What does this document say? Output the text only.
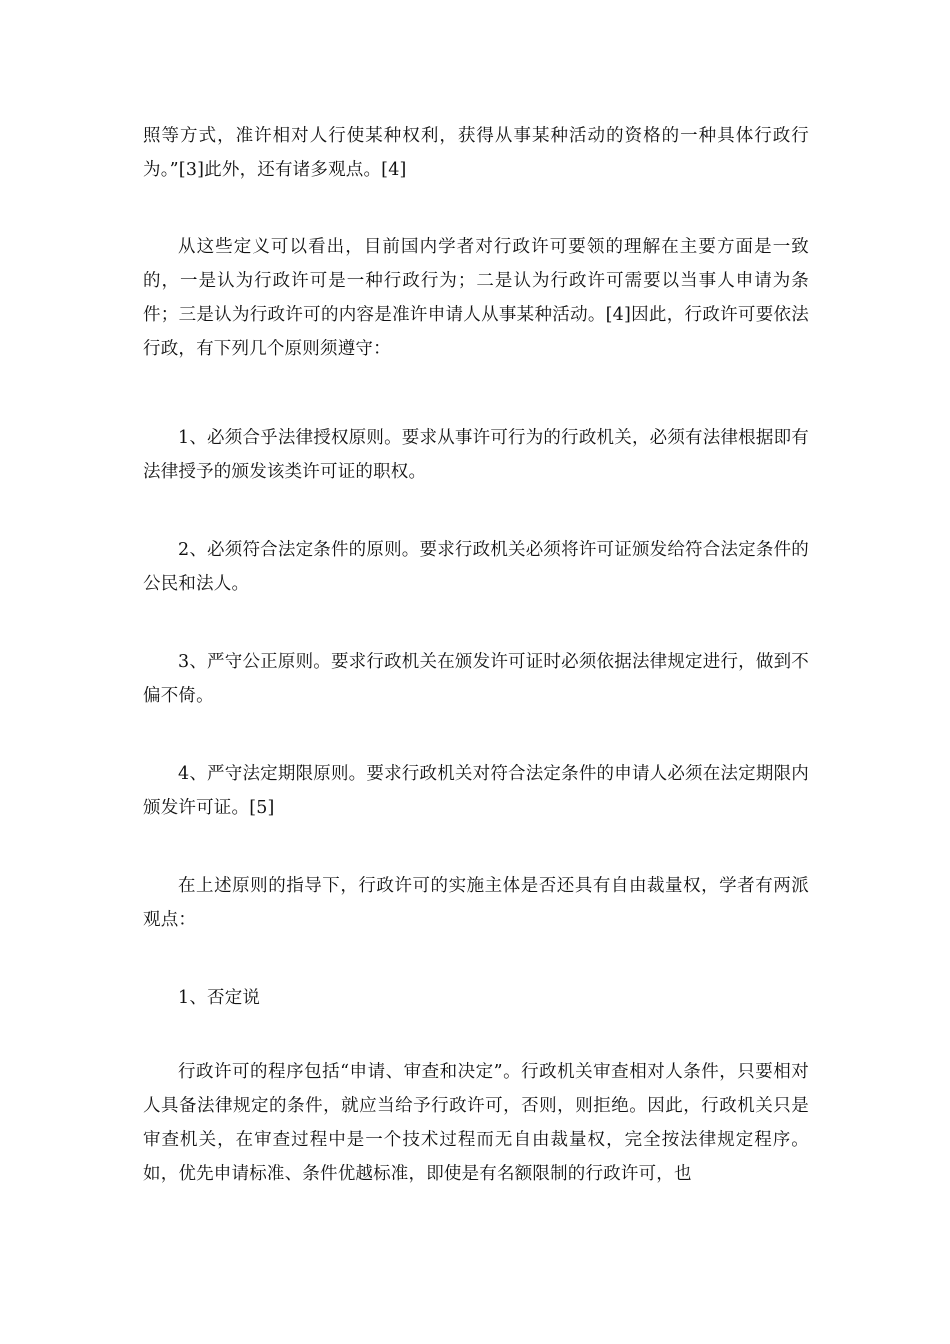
照等方式，准许相对人行使某种权利，获得从事某种活动的资格的一种具体行政行为。”[3]此外，还有诸多观点。[4]

从这些定义可以看出，目前国内学者对行政许可要领的理解在主要方面是一致的，一是认为行政许可是一种行政行为；二是认为行政许可需要以当事人申请为条件；三是认为行政许可的内容是准许申请人从事某种活动。[4]因此，行政许可要依法行政，有下列几个原则须遵守：

1、必须合乎法律授权原则。要求从事许可行为的行政机关，必须有法律根据即有法律授予的颁发该类许可证的职权。

2、必须符合法定条件的原则。要求行政机关必须将许可证颁发给符合法定条件的公民和法人。

3、严守公正原则。要求行政机关在颁发许可证时必须依据法律规定进行，做到不偏不倚。

4、严守法定期限原则。要求行政机关对符合法定条件的申请人必须在法定期限内颁发许可证。[5]

在上述原则的指导下，行政许可的实施主体是否还具有自由裁量权，学者有两派观点：

1、否定说

行政许可的程序包括“申请、审查和决定”。行政机关审查相对人条件，只要相对人具备法律规定的条件，就应当给予行政许可，否则，则拒绝。因此，行政机关只是审查机关，在审查过程中是一个技术过程而无自由裁量权，完全按法律规定程序。如，优先申请标准、条件优越标准，即使是有名额限制的行政许可，也
